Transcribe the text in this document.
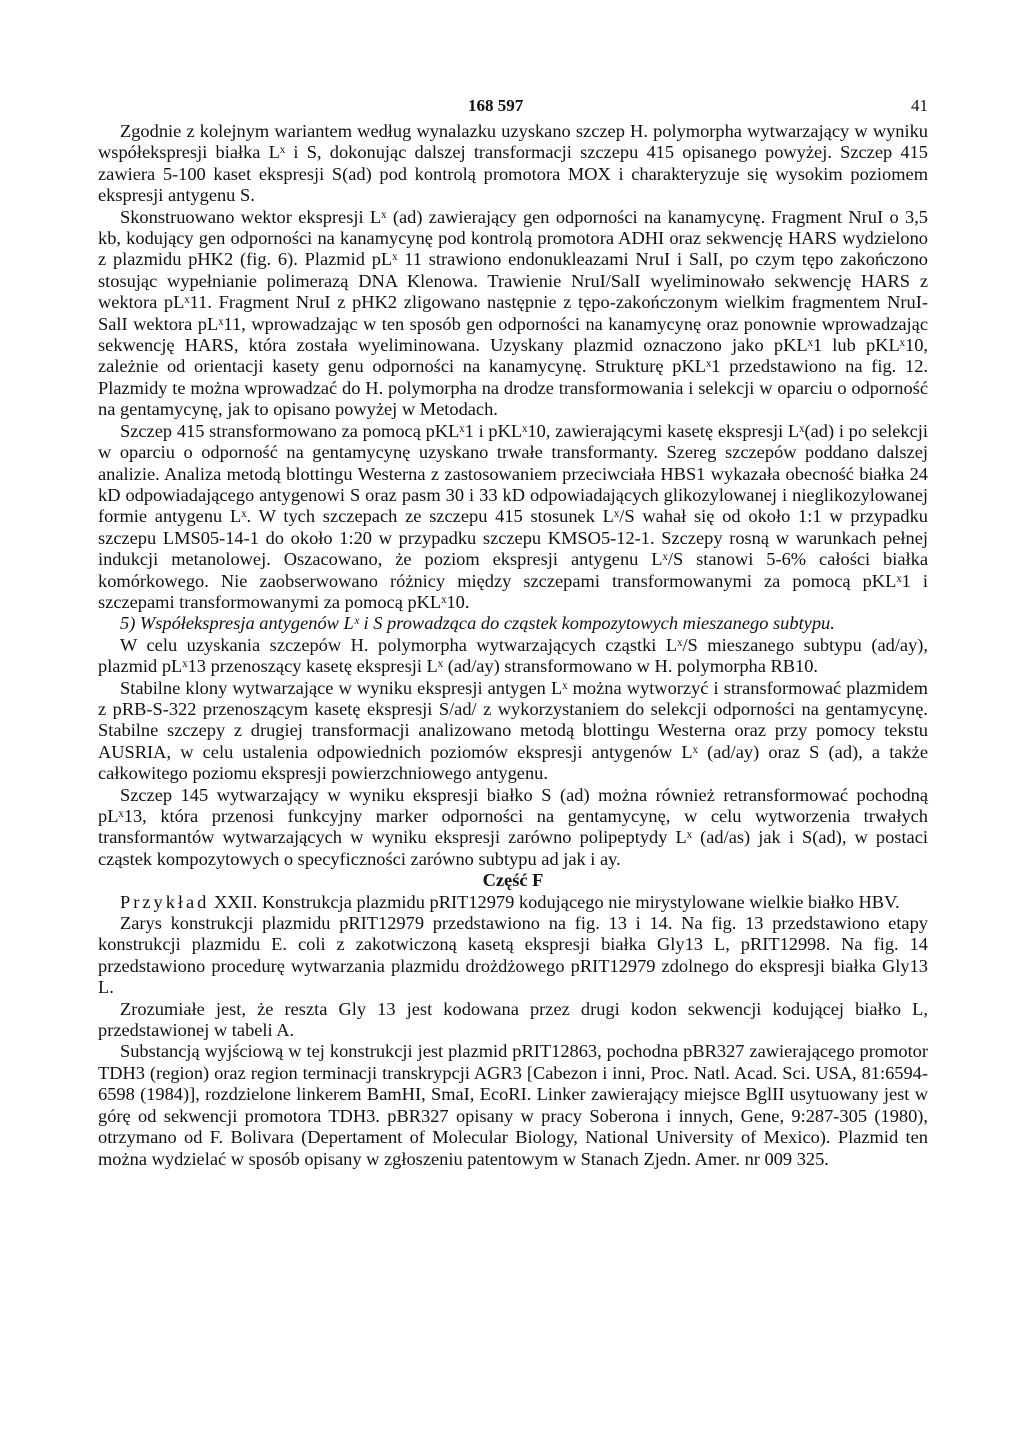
168 597	41

Zgodnie z kolejnym wariantem według wynalazku uzyskano szczep H. polymorpha wytwarzający w wyniku współekspresji białka Lˣ i S, dokonując dalszej transformacji szczepu 415 opisanego powyżej. Szczep 415 zawiera 5-100 kaset ekspresji S(ad) pod kontrolą promotora MOX i charakteryzuje się wysokim poziomem ekspresji antygenu S.

Skonstruowano wektor ekspresji Lˣ (ad) zawierający gen odporności na kanamycynę. Fragment NruI o 3,5 kb, kodujący gen odporności na kanamycynę pod kontrolą promotora ADHI oraz sekwencję HARS wydzielono z plazmidu pHK2 (fig. 6). Plazmid pLˣ 11 strawiono endonukleazami NruI i SalI, po czym tępo zakończono stosując wypełnianie polimerazą DNA Klenowa. Trawienie NruI/SalI wyeliminowało sekwencję HARS z wektora pLˣ11. Fragment NruI z pHK2 zligowano następnie z tępo-zakończonym wielkim fragmentem NruI-SalI wektora pLˣ11, wprowadzając w ten sposób gen odporności na kanamycynę oraz ponownie wprowadzając sekwencję HARS, która została wyeliminowana. Uzyskany plazmid oznaczono jako pKLˣ1 lub pKLˣ10, zależnie od orientacji kasety genu odporności na kanamycynę. Strukturę pKLˣ1 przedstawiono na fig. 12. Plazmidy te można wprowadzać do H. polymorpha na drodze transformowania i selekcji w oparciu o odporność na gentamycynę, jak to opisano powyżej w Metodach.

Szczep 415 stransformowano za pomocą pKLˣ1 i pKLˣ10, zawierającymi kasetę ekspresji Lˣ(ad) i po selekcji w oparciu o odporność na gentamycynę uzyskano trwałe transformanty. Szereg szczepów poddano dalszej analizie. Analiza metodą blottingu Westerna z zastosowaniem przeciwciała HBS1 wykazała obecność białka 24 kD odpowiadającego antygenowi S oraz pasm 30 i 33 kD odpowiadających glikozylowanej i nieglikozylowanej formie antygenu Lˣ. W tych szczepach ze szczepu 415 stosunek Lˣ/S wahał się od około 1:1 w przypadku szczepu LMS05-14-1 do około 1:20 w przypadku szczepu KMSO5-12-1. Szczepy rosną w warunkach pełnej indukcji metanolowej. Oszacowano, że poziom ekspresji antygenu Lˣ/S stanowi 5-6% całości białka komórkowego. Nie zaobserwowano różnicy między szczepami transformowanymi za pomocą pKLˣ1 i szczepami transformowanymi za pomocą pKLˣ10.

5) Współekspresja antygenów Lˣ i S prowadząca do cząstek kompozytowych mieszanego subtypu.

W celu uzyskania szczepów H. polymorpha wytwarzających cząstki Lˣ/S mieszanego subtypu (ad/ay), plazmid pLˣ13 przenoszący kasetę ekspresji Lˣ (ad/ay) stransformowano w H. polymorpha RB10.

Stabilne klony wytwarzające w wyniku ekspresji antygen Lˣ można wytworzyć i stransformować plazmidem z pRB-S-322 przenoszącym kasetę ekspresji S/ad/ z wykorzystaniem do selekcji odporności na gentamycynę. Stabilne szczepy z drugiej transformacji analizowano metodą blottingu Westerna oraz przy pomocy tekstu AUSRIA, w celu ustalenia odpowiednich poziomów ekspresji antygenów Lˣ (ad/ay) oraz S (ad), a także całkowitego poziomu ekspresji powierzchniowego antygenu.

Szczep 145 wytwarzający w wyniku ekspresji białko S (ad) można również retransformować pochodną pLˣ13, która przenosi funkcyjny marker odporności na gentamycynę, w celu wytworzenia trwałych transformantów wytwarzających w wyniku ekspresji zarówno polipeptydy Lˣ (ad/as) jak i S(ad), w postaci cząstek kompozytowych o specyficzności zarówno subtypu ad jak i ay.

Część F

Przykład XXII. Konstrukcja plazmidu pRIT12979 kodującego nie mirystylowane wielkie białko HBV.

Zarys konstrukcji plazmidu pRIT12979 przedstawiono na fig. 13 i 14. Na fig. 13 przedstawiono etapy konstrukcji plazmidu E. coli z zakotwiczoną kasetą ekspresji białka Gly13 L, pRIT12998. Na fig. 14 przedstawiono procedurę wytwarzania plazmidu drożdżowego pRIT12979 zdolnego do ekspresji białka Gly13 L.

Zrozumiałe jest, że reszta Gly 13 jest kodowana przez drugi kodon sekwencji kodującej białko L, przedstawionej w tabeli A.

Substancją wyjściową w tej konstrukcji jest plazmid pRIT12863, pochodna pBR327 zawierającego promotor TDH3 (region) oraz region terminacji transkrypcji AGR3 [Cabezon i inni, Proc. Natl. Acad. Sci. USA, 81:6594-6598 (1984)], rozdzielone linkerem BamHI, SmaI, EcoRI. Linker zawierający miejsce BglII usytuowany jest w górę od sekwencji promotora TDH3. pBR327 opisany w pracy Soberona i innych, Gene, 9:287-305 (1980), otrzymano od F. Bolivara (Depertament of Molecular Biology, National University of Mexico). Plazmid ten można wydzielać w sposób opisany w zgłoszeniu patentowym w Stanach Zjedn. Amer. nr 009 325.
